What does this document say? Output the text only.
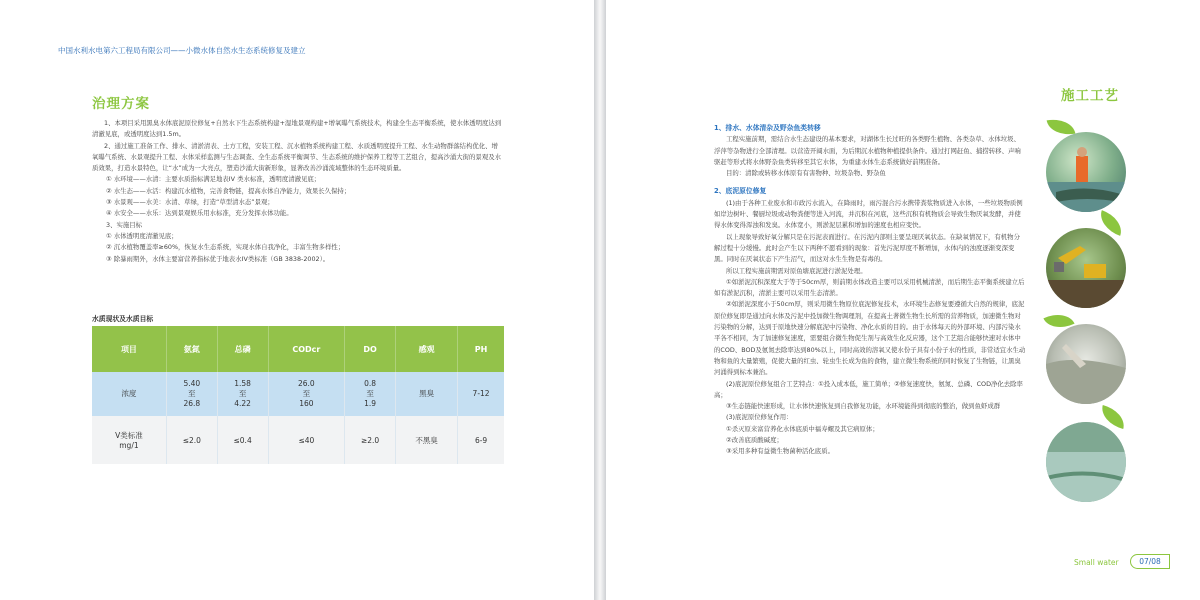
中国水利水电第六工程局有限公司——小微水体自然水生态系统修复及建立
治理方案

1、本项目采用黑臭水体底泥原位修复+自然水下生态系统构建+湿地景观构建+增氧曝气系统技术，构建全生态平衡系统，使水体透明度达到清澈见底，或透明度达到1.5m。

2、通过施工准备工作、排水、清淤清表、土方工程，安装工程、沉水植物系统构建工程、水质透明度提升工程、水生动物群落结构优化、增氧曝气系统、水景观提升工程、水体采样监测与生态调查、全生态系统平衡调节、生态系统的维护保养工程等工艺组合，提高沙涌大街的景观及水质效果，打造水景特色，让“水”成为一大亮点，塑造沙涌大街新形象，显著改善沙涌流域整体的生态环境质量。

① 水环境——水清：主要水质指标满足地表IV 类水标准，透明度清澈见底；

② 水生态——水活：构建沉水植物，完善食物链，提高水体自净能力，效果长久保持；

③ 水景观——水美：水清、草绿，打造“草型清水态”景观；

④ 水安全——水乐：达到景观娱乐用水标准，充分发挥水体功能。

3、实施目标

① 水体透明度清澈见底；

② 沉水植物覆盖率≥60%，恢复水生态系统，实现水体自我净化，丰富生物多样性；

③ 除暴雨期外，水体主要富营养指标优于地表水IV类标准（GB 3838-2002）。

水质现状及水质目标
项目	氨氮	总磷	CODcr	DO	感观	PH
浓度	5.40
至
26.8	1.58
至
4.22	26.0
至
160	0.8
至
1.9	黑臭	7-12
V类标准
mg/1	≤2.0	≤0.4	≤40	≥2.0	不黑臭	6-9
施工工艺

1、排水、水体清杂及野杂鱼类转移

工程实施前期，需结合水生态建设的基本要求，对湖体生长过旺的各类野生植物、各类杂草、水体垃圾、浮萍等杂物进行全部清理。以营造开阔水面，为后期沉水植物种植提供条件。通过打网赶鱼、捕捞转移、声响驱赶等形式将水体野杂鱼类转移至其它水体，为重建水体生态系统做好前期准备。

目的：清除或转移水体原有有害物种、垃圾杂物、野杂鱼

2、底泥原位修复

(1)由于各种工业废水和市政污水流入，在降雨时，雨污混合污水携带粪浆物质进入水体，一些垃圾物质例如岸边树叶、餐厨垃圾或动物粪便等进入河流，并沉积在河底，这些沉积有机物质会导致生物厌氧发酵，并使得水体变得浑浊和发臭。水体宽小，则淤泥层累积增加的速度也相应变快。

以上现象导致好氧分解只是在污泥表面进行。在污泥内部则主要呈现厌氧状态。在缺氧情况下，有机物分解过程十分缓慢。此时会产生以下两种不愿看到的现象：首先污泥厚度不断增加，水体内的浊度逐渐变深变黑。同时在厌氧状态下产生沼气，而这对水生生物是有毒的。

所以工程实施前期需对原鱼塘底泥进行淤泥处理。

①如淤泥沉积深度大于等于50cm厚，则前期水体改造主要可以采用机械清淤，而后期生态平衡系统建立后如有淤泥沉积，清淤主要可以采用生态清淤。

②如淤泥深度小于50cm厚，则采用微生物原位底泥修复技术，水环境生态修复要遵循大自然的规律，底泥原位修复即是通过向水体及污泥中投加微生物调理剂，在提高土著微生物生长所需的营养物质，加速微生物对污染物的分解，达到于原地快速分解底泥中污染物、净化水质的目的。由于水体每天的外部环境、内部污染水平各不相同，为了加速修复速度，需要组合微生物促生剂与高效生化反应器，这个工艺组合能够快速对水体中的COD、BOD及氨氮去除率达到80%以上，同时高效的溶氧又使水份子具有小份子水的性质，非常适宜水生动物和鱼的大量繁殖，促使大量的红虫、轮虫生长成为鱼的食物，建立微生物系统的同时恢复了生物链，让黑臭河涌得到标本兼治。

(2)底泥原位修复组合工艺特点：①投入成本低，施工简单；②修复速度快，氨氮、总磷、COD净化去除率高；

③生态链能快速形成，让水体快速恢复到自我修复功能，水环境能得到彻底的整治，做到鱼虾成群

(3)底泥原位修复作用：

①杀灭原来富营养化水体底质中福寿螺及其它病原体；

②改善底质酸碱度；

③采用多种有益微生物菌种活化底质。

Small water	07/08
